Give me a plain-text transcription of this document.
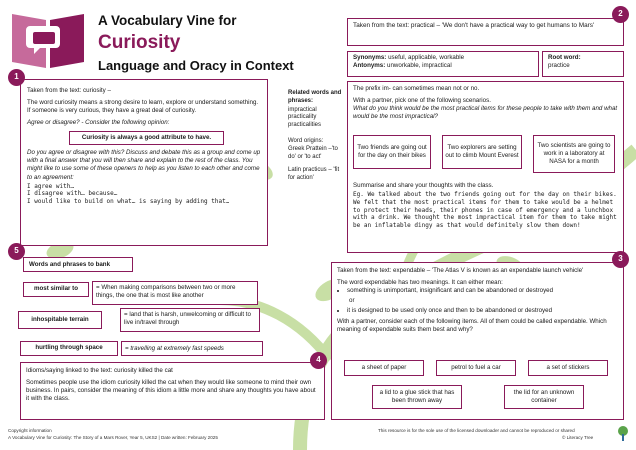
A Vocabulary Vine for
Curiosity
Language and Oracy in Context
Taken from the text: curiosity –
The word curiosity means a strong desire to learn, explore or understand something. If someone is very curious, they have a great deal of curiosity.
Agree or disagree? - Consider the following opinion:
Curiosity is always a good attribute to have.
Do you agree or disagree with this? Discuss and debate this as a group and come up with a final answer that you will then share and explain to the rest of the class. You might like to use some of these openers to help as you listen to each other and come to an agreement:
I agree with…
I disagree with… because…
I would like to build on what… is saying by adding that…
1
Related words and phrases:
impractical
practicality
practicalities
Word origins:
Greek Prattein –'to do' or 'to act'
Latin practicus – 'fit for action'
Taken from the text: practical – 'We don't have a practical way to get humans to Mars'
2
Synonyms: useful, applicable, workable
Antonyms: unworkable, impractical
Root word:
practice
The prefix im- can sometimes mean not or no.
With a partner, pick one of the following scenarios.
What do you think would be the most practical items for these people to take with them and what would be the most impractical?
Two friends are going out for the day on their bikes
Two explorers are setting out to climb Mount Everest
Two scientists are going to work in a laboratory at NASA for a month
Summarise and share your thoughts with the class.
Eg. We talked about the two friends going out for the day on their bikes. We felt that the most practical items for them to take would be a helmet to protect their heads, their phones in case of emergency and a lunchbox with a drink. We thought the most impractical item for them to take might be an inflatable dingy as that would definitely slow them down!
5
Words and phrases to bank
most similar to	= When making comparisons between two or more things, the one that is most like another
inhospitable terrain
= land that is harsh, unwelcoming or difficult to live in/travel through
hurtling through space	= travelling at extremely fast speeds
Idioms/saying linked to the text: curiosity killed the cat
Sometimes people use the idiom curiosity killed the cat when they would like someone to mind their own business. In pairs, consider the meaning of this idiom a little more and share any thoughts you have about it with the class.
4
Taken from the text: expendable – 'The Atlas V is known as an expendable launch vehicle'
The word expendable has two meanings. It can either mean:
• something is unimportant, insignificant and can be abandoned or destroyed
or
• it is designed to be used only once and then to be abandoned or destroyed
With a partner, consider each of the following items. All of them could be called expendable. Which meaning of expendable suits them best and why?
a sheet of paper	petrol to fuel a car	a set of stickers
a lid to a glue stick that has been thrown away
the lid for an unknown container
3
Copyright information
A Vocabulary Vine for Curiosity: The Story of a Mars Rover, Year 5, UKS2 | Date written: February 2025
This resource is for the sole use of the licensed downloader and cannot be reproduced or shared
© Literacy Tree
